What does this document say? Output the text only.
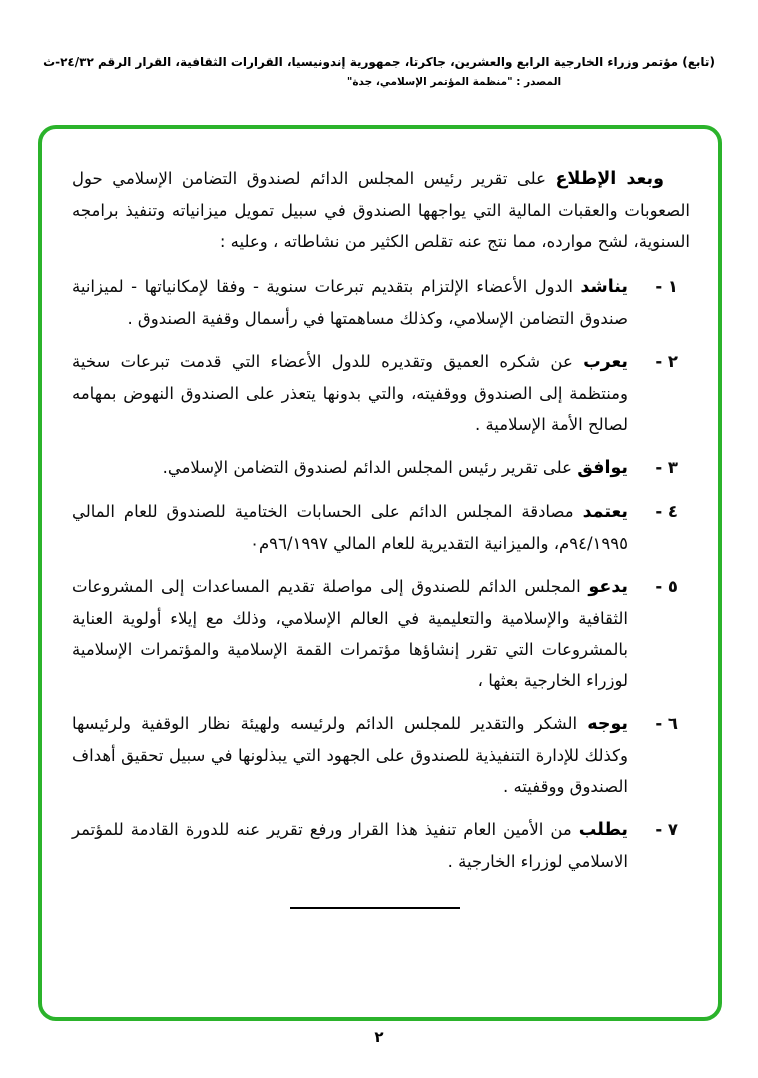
(تابع) مؤتمر وزراء الخارجية الرابع والعشرين، جاكرتا، جمهورية إندونيسيا، القرارات الثقافية، القرار الرقم ٢٤/٣٢-ث
المصدر : "منظمة المؤتمر الإسلامي، جدة"

وبعد الإطلاع على تقرير رئيس المجلس الدائم لصندوق التضامن الإسلامي حول الصعوبات والعقبات المالية التي يواجهها الصندوق في سبيل تمويل ميزانياته وتنفيذ برامجه السنوية، لشح موارده، مما نتج عنه تقلص الكثير من نشاطاته ، وعليه :

١ -

يناشد الدول الأعضاء الإلتزام بتقديم تبرعات سنوية - وفقا لإمكانياتها - لميزانية صندوق التضامن الإسلامي، وكذلك مساهمتها في رأسمال وقفية الصندوق .

٢ -

يعرب عن شكره العميق وتقديره للدول الأعضاء التي قدمت تبرعات سخية ومنتظمة إلى الصندوق ووقفيته، والتي بدونها يتعذر على الصندوق النهوض بمهامه لصالح الأمة الإسلامية .

٣ -

يوافق على تقرير رئيس المجلس الدائم لصندوق التضامن الإسلامي.

٤ -

يعتمد مصادقة المجلس الدائم على الحسابات الختامية للصندوق للعام المالي ٩٤/١٩٩٥م، والميزانية التقديرية للعام المالي ٩٦/١٩٩٧م٠

٥ -

يدعو المجلس الدائم للصندوق إلى مواصلة تقديم المساعدات إلى المشروعات الثقافية والإسلامية والتعليمية في العالم الإسلامي، وذلك مع إيلاء أولوية العناية بالمشروعات التي تقرر إنشاؤها مؤتمرات القمة الإسلامية والمؤتمرات الإسلامية لوزراء الخارجية بعثها ،

٦ -

يوجه الشكر والتقدير للمجلس الدائم ولرئيسه ولهيئة نظار الوقفية ولرئيسها وكذلك للإدارة التنفيذية للصندوق على الجهود التي يبذلونها في سبيل تحقيق أهداف الصندوق ووقفيته .

٧ -

يطلب من الأمين العام تنفيذ هذا القرار ورفع تقرير عنه للدورة القادمة للمؤتمر الاسلامي لوزراء الخارجية .

٢
